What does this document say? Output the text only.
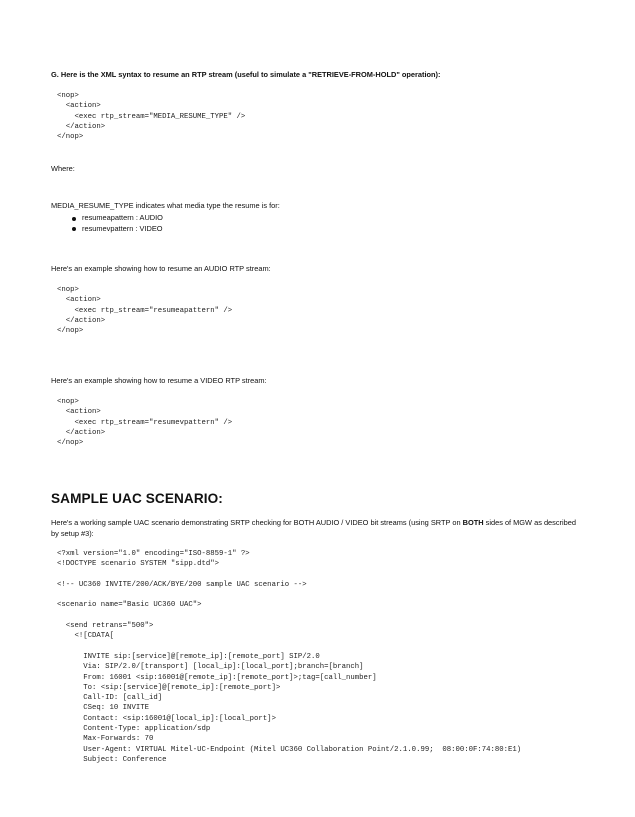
G. Here is the XML syntax to resume an RTP stream (useful to simulate a "RETRIEVE-FROM-HOLD" operation):
<nop>
<action>
<exec rtp_stream="MEDIA_RESUME_TYPE" />
</action>
</nop>
Where:
MEDIA_RESUME_TYPE indicates what media type the resume is for:
resumeapattern : AUDIO
resumevpattern : VIDEO
Here's an example showing how to resume an AUDIO RTP stream:
<nop>
<action>
<exec rtp_stream="resumeapattern" />
</action>
</nop>
Here's an example showing how to resume a VIDEO RTP stream:
<nop>
<action>
<exec rtp_stream="resumevpattern" />
</action>
</nop>
SAMPLE UAC SCENARIO:
Here's a working sample UAC scenario demonstrating SRTP checking for BOTH AUDIO / VIDEO bit streams (using SRTP on BOTH sides of MGW as described by setup #3):
<?xml version="1.0" encoding="ISO-8859-1" ?>
<!DOCTYPE scenario SYSTEM "sipp.dtd">
<!-- UC360 INVITE/200/ACK/BYE/200 sample UAC scenario -->
<scenario name="Basic UC360 UAC">
<send retrans="500">
<![CDATA[
INVITE sip:[service]@[remote_ip]:[remote_port] SIP/2.0
Via: SIP/2.0/[transport] [local_ip]:[local_port];branch=[branch]
From: 16001 <sip:16001@[remote_ip]:[remote_port]>;tag=[call_number]
To: <sip:[service]@[remote_ip]:[remote_port]>
Call-ID: [call_id]
CSeq: 10 INVITE
Contact: <sip:16001@[local_ip]:[local_port]>
Content-Type: application/sdp
Max-Forwards: 70
User-Agent: VIRTUAL Mitel-UC-Endpoint (Mitel UC360 Collaboration Point/2.1.0.99;  08:00:0F:74:80:E1)
Subject: Conference
